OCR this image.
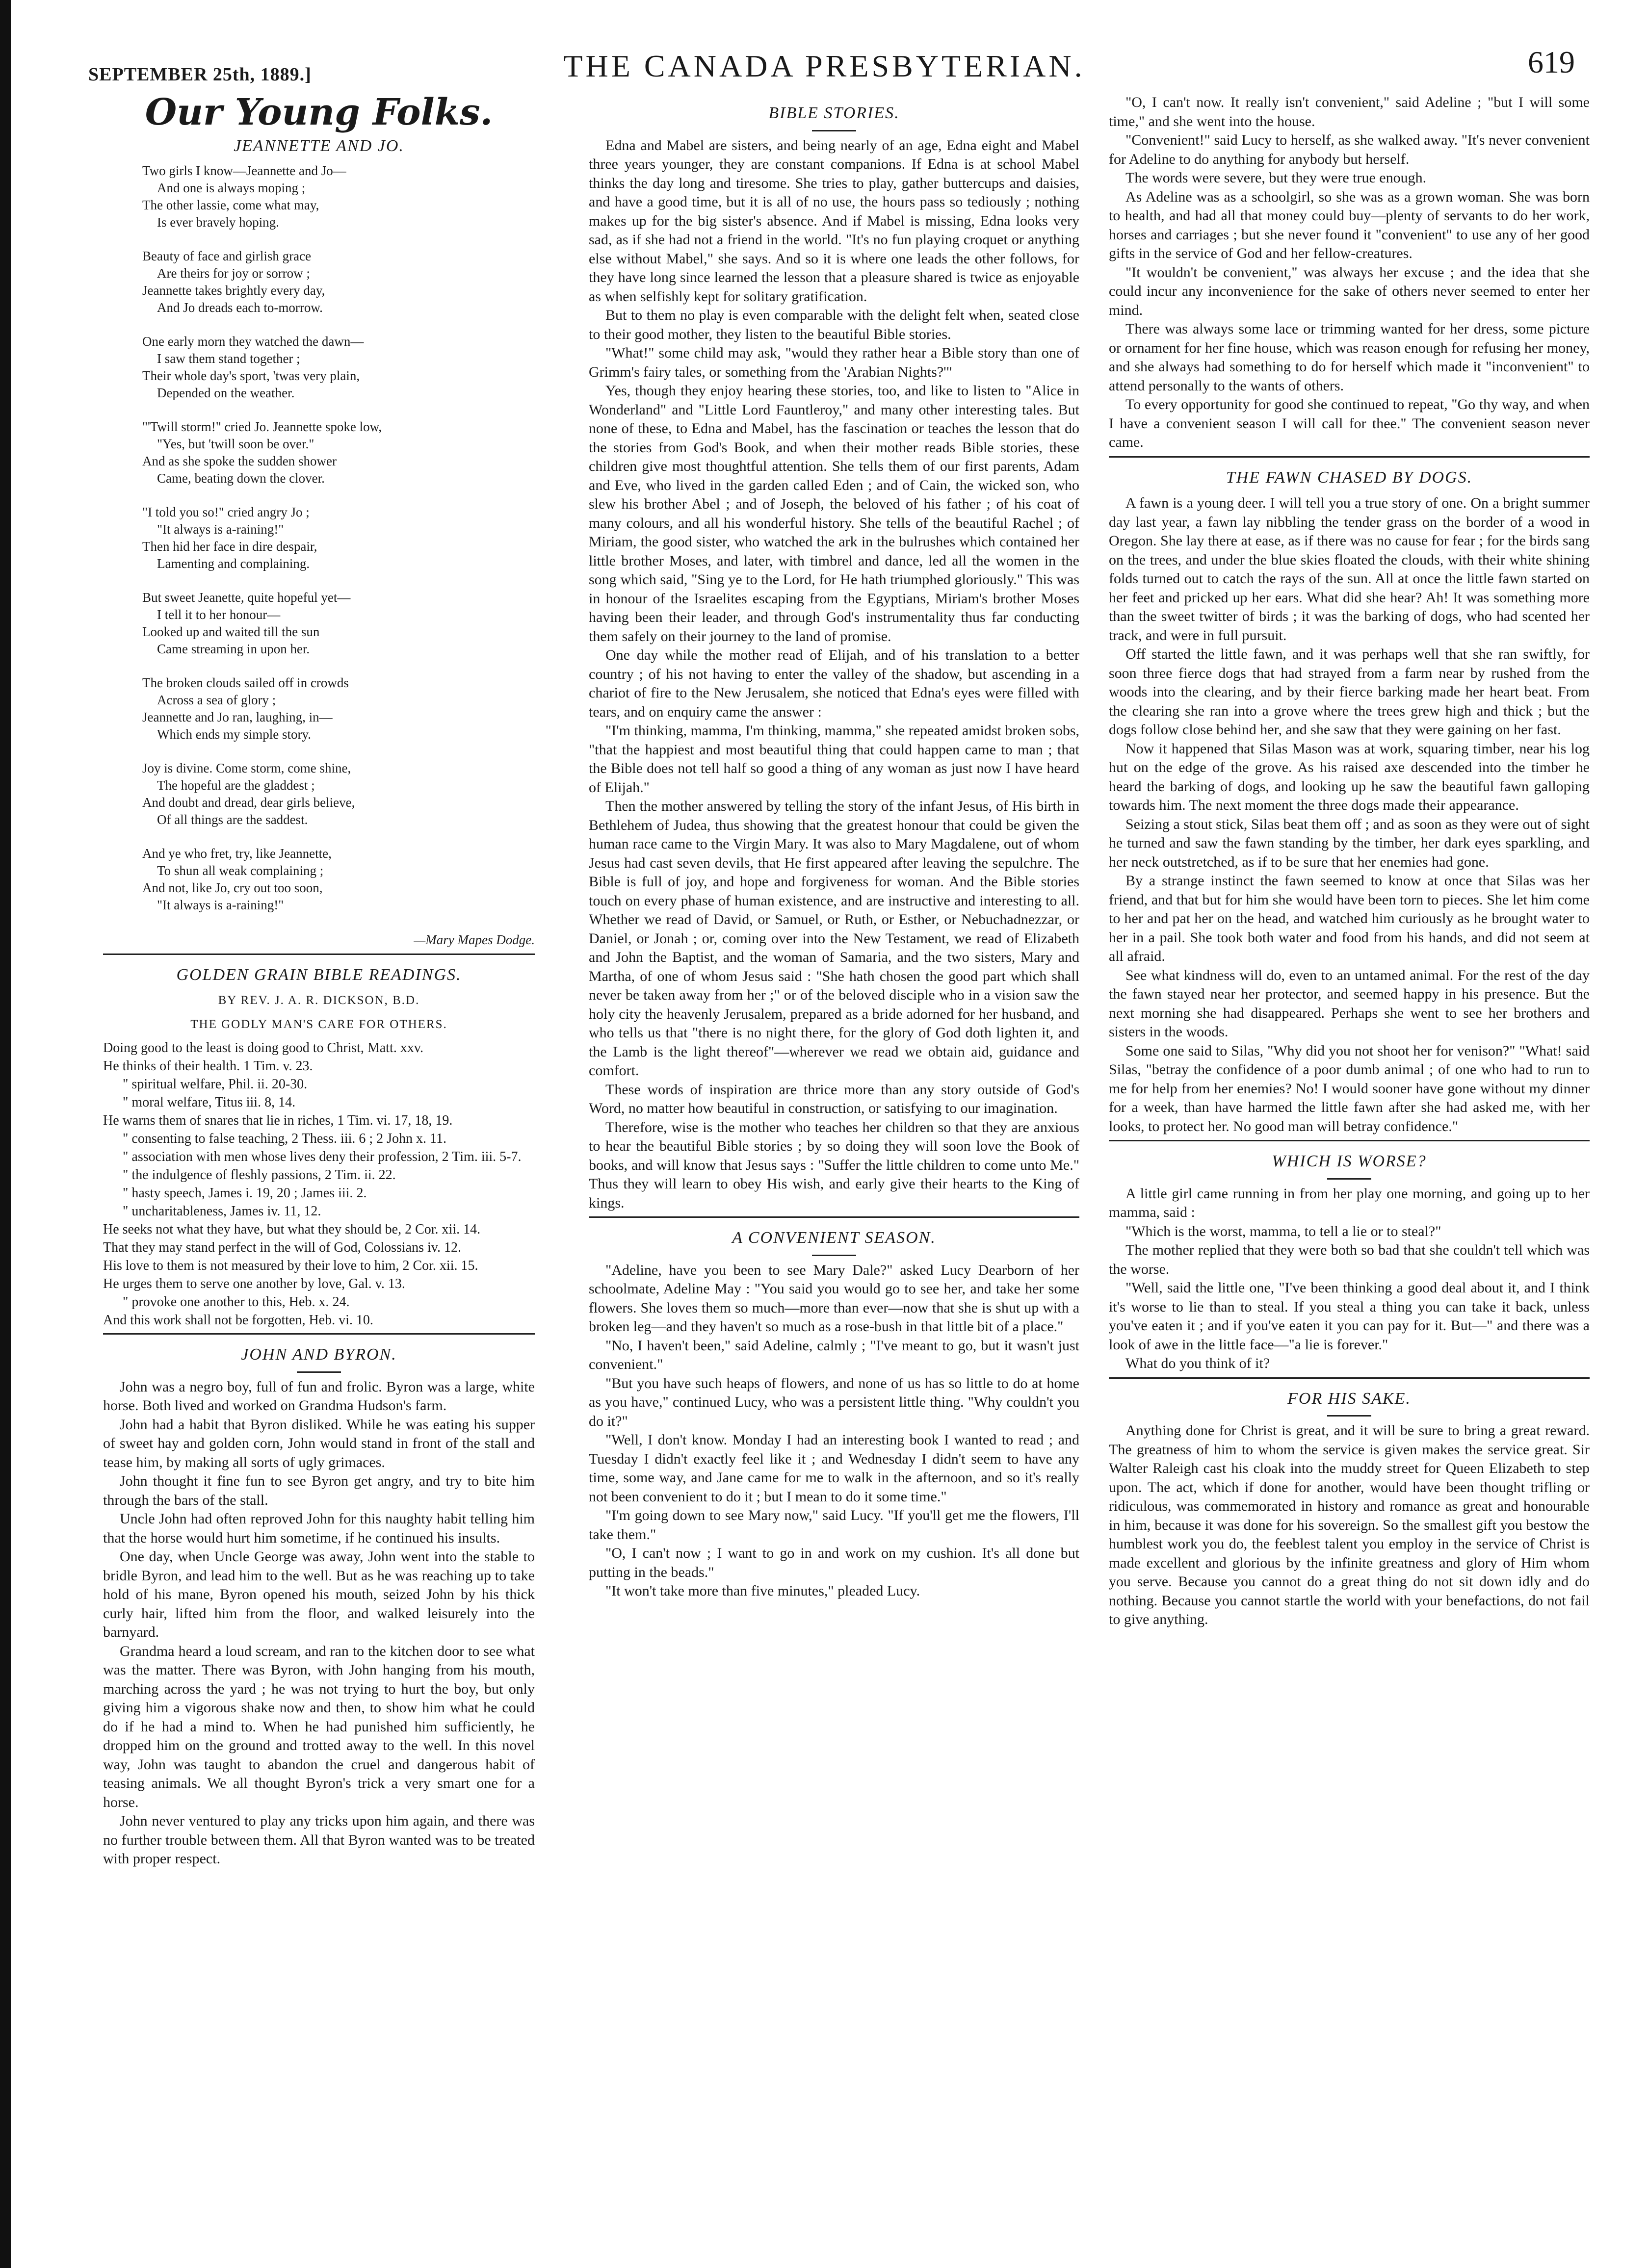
SEPTEMBER 25th, 1889.]	THE CANADA PRESBYTERIAN.	619
Our Young Folks.
JEANNETTE AND JO.
Two girls I know—Jeannette and Jo—
And one is always moping ;
The other lassie, come what may,
Is ever bravely hoping.
Beauty of face and girlish grace
Are theirs for joy or sorrow ;
Jeannette takes brightly every day,
And Jo dreads each to-morrow.
One early morn they watched the dawn—
I saw them stand together ;
Their whole day's sport, 'twas very plain,
Depended on the weather.
"'Twill storm!" cried Jo. Jeannette spoke low,
"Yes, but 'twill soon be over."
And as she spoke the sudden shower
Came, beating down the clover.
"I told you so!" cried angry Jo ;
"It always is a-raining!"
Then hid her face in dire despair,
Lamenting and complaining.
But sweet Jeanette, quite hopeful yet—
I tell it to her honour—
Looked up and waited till the sun
Came streaming in upon her.
The broken clouds sailed off in crowds
Across a sea of glory ;
Jeannette and Jo ran, laughing, in—
Which ends my simple story.
Joy is divine. Come storm, come shine,
The hopeful are the gladdest ;
And doubt and dread, dear girls believe,
Of all things are the saddest.
And ye who fret, try, like Jeannette,
To shun all weak complaining ;
And not, like Jo, cry out too soon,
"It always is a-raining!"
—Mary Mapes Dodge.
GOLDEN GRAIN BIBLE READINGS.
BY REV. J. A. R. DICKSON, B.D.
THE GODLY MAN'S CARE FOR OTHERS.

Doing good to the least is doing good to Christ, Matt. xxv.

He thinks of their health. 1 Tim. v. 23.

" spiritual welfare, Phil. ii. 20-30.

" moral welfare, Titus iii. 8, 14.

He warns them of snares that lie in riches, 1 Tim. vi. 17, 18, 19.

" consenting to false teaching, 2 Thess. iii. 6 ; 2 John x. 11.

" association with men whose lives deny their profession, 2 Tim. iii. 5-7.

" the indulgence of fleshly passions, 2 Tim. ii. 22.

" hasty speech, James i. 19, 20 ; James iii. 2.

" uncharitableness, James iv. 11, 12.

He seeks not what they have, but what they should be, 2 Cor. xii. 14.

That they may stand perfect in the will of God, Colossians iv. 12.

His love to them is not measured by their love to him, 2 Cor. xii. 15.

He urges them to serve one another by love, Gal. v. 13.

" provoke one another to this, Heb. x. 24.

And this work shall not be forgotten, Heb. vi. 10.

JOHN AND BYRON.

John was a negro boy, full of fun and frolic. Byron was a large, white horse. Both lived and worked on Grandma Hudson's farm.

John had a habit that Byron disliked. While he was eating his supper of sweet hay and golden corn, John would stand in front of the stall and tease him, by making all sorts of ugly grimaces.

John thought it fine fun to see Byron get angry, and try to bite him through the bars of the stall.

Uncle John had often reproved John for this naughty habit telling him that the horse would hurt him sometime, if he continued his insults.

One day, when Uncle George was away, John went into the stable to bridle Byron, and lead him to the well. But as he was reaching up to take hold of his mane, Byron opened his mouth, seized John by his thick curly hair, lifted him from the floor, and walked leisurely into the barnyard.

Grandma heard a loud scream, and ran to the kitchen door to see what was the matter. There was Byron, with John hanging from his mouth, marching across the yard ; he was not trying to hurt the boy, but only giving him a vigorous shake now and then, to show him what he could do if he had a mind to. When he had punished him sufficiently, he dropped him on the ground and trotted away to the well. In this novel way, John was taught to abandon the cruel and dangerous habit of teasing animals. We all thought Byron's trick a very smart one for a horse.

John never ventured to play any tricks upon him again, and there was no further trouble between them. All that Byron wanted was to be treated with proper respect.

BIBLE STORIES.

Edna and Mabel are sisters, and being nearly of an age, Edna eight and Mabel three years younger, they are constant companions. If Edna is at school Mabel thinks the day long and tiresome. She tries to play, gather buttercups and daisies, and have a good time, but it is all of no use, the hours pass so tediously ; nothing makes up for the big sister's absence. And if Mabel is missing, Edna looks very sad, as if she had not a friend in the world. "It's no fun playing croquet or anything else without Mabel," she says. And so it is where one leads the other follows, for they have long since learned the lesson that a pleasure shared is twice as enjoyable as when selfishly kept for solitary gratification.

But to them no play is even comparable with the delight felt when, seated close to their good mother, they listen to the beautiful Bible stories.

"What!" some child may ask, "would they rather hear a Bible story than one of Grimm's fairy tales, or something from the 'Arabian Nights?'"

Yes, though they enjoy hearing these stories, too, and like to listen to "Alice in Wonderland" and "Little Lord Fauntleroy," and many other interesting tales. But none of these, to Edna and Mabel, has the fascination or teaches the lesson that do the stories from God's Book, and when their mother reads Bible stories, these children give most thoughtful attention. She tells them of our first parents, Adam and Eve, who lived in the garden called Eden ; and of Cain, the wicked son, who slew his brother Abel ; and of Joseph, the beloved of his father ; of his coat of many colours, and all his wonderful history. She tells of the beautiful Rachel ; of Miriam, the good sister, who watched the ark in the bulrushes which contained her little brother Moses, and later, with timbrel and dance, led all the women in the song which said, "Sing ye to the Lord, for He hath triumphed gloriously." This was in honour of the Israelites escaping from the Egyptians, Miriam's brother Moses having been their leader, and through God's instrumentality thus far conducting them safely on their journey to the land of promise.

One day while the mother read of Elijah, and of his translation to a better country ; of his not having to enter the valley of the shadow, but ascending in a chariot of fire to the New Jerusalem, she noticed that Edna's eyes were filled with tears, and on enquiry came the answer :

"I'm thinking, mamma, I'm thinking, mamma," she repeated amidst broken sobs, "that the happiest and most beautiful thing that could happen came to man ; that the Bible does not tell half so good a thing of any woman as just now I have heard of Elijah."

Then the mother answered by telling the story of the infant Jesus, of His birth in Bethlehem of Judea, thus showing that the greatest honour that could be given the human race came to the Virgin Mary. It was also to Mary Magdalene, out of whom Jesus had cast seven devils, that He first appeared after leaving the sepulchre. The Bible is full of joy, and hope and forgiveness for woman. And the Bible stories touch on every phase of human existence, and are instructive and interesting to all. Whether we read of David, or Samuel, or Ruth, or Esther, or Nebuchadnezzar, or Daniel, or Jonah ; or, coming over into the New Testament, we read of Elizabeth and John the Baptist, and the woman of Samaria, and the two sisters, Mary and Martha, of one of whom Jesus said : "She hath chosen the good part which shall never be taken away from her ;" or of the beloved disciple who in a vision saw the holy city the heavenly Jerusalem, prepared as a bride adorned for her husband, and who tells us that "there is no night there, for the glory of God doth lighten it, and the Lamb is the light thereof"—wherever we read we obtain aid, guidance and comfort.

These words of inspiration are thrice more than any story outside of God's Word, no matter how beautiful in construction, or satisfying to our imagination.

Therefore, wise is the mother who teaches her children so that they are anxious to hear the beautiful Bible stories ; by so doing they will soon love the Book of books, and will know that Jesus says : "Suffer the little children to come unto Me." Thus they will learn to obey His wish, and early give their hearts to the King of kings.

A CONVENIENT SEASON.

"Adeline, have you been to see Mary Dale?" asked Lucy Dearborn of her schoolmate, Adeline May : "You said you would go to see her, and take her some flowers. She loves them so much—more than ever—now that she is shut up with a broken leg—and they haven't so much as a rose-bush in that little bit of a place."

"No, I haven't been," said Adeline, calmly ; "I've meant to go, but it wasn't just convenient."

"But you have such heaps of flowers, and none of us has so little to do at home as you have," continued Lucy, who was a persistent little thing. "Why couldn't you do it?"

"Well, I don't know. Monday I had an interesting book I wanted to read ; and Tuesday I didn't exactly feel like it ; and Wednesday I didn't seem to have any time, some way, and Jane came for me to walk in the afternoon, and so it's really not been convenient to do it ; but I mean to do it some time."

"I'm going down to see Mary now," said Lucy. "If you'll get me the flowers, I'll take them."

"O, I can't now ; I want to go in and work on my cushion. It's all done but putting in the beads."

"It won't take more than five minutes," pleaded Lucy.

"O, I can't now. It really isn't convenient," said Adeline ; "but I will some time," and she went into the house.

"Convenient!" said Lucy to herself, as she walked away. "It's never convenient for Adeline to do anything for anybody but herself.

The words were severe, but they were true enough.

As Adeline was as a schoolgirl, so she was as a grown woman. She was born to health, and had all that money could buy—plenty of servants to do her work, horses and carriages ; but she never found it "convenient" to use any of her good gifts in the service of God and her fellow-creatures.

"It wouldn't be convenient," was always her excuse ; and the idea that she could incur any inconvenience for the sake of others never seemed to enter her mind.

There was always some lace or trimming wanted for her dress, some picture or ornament for her fine house, which was reason enough for refusing her money, and she always had something to do for herself which made it "inconvenient" to attend personally to the wants of others.

To every opportunity for good she continued to repeat, "Go thy way, and when I have a convenient season I will call for thee." The convenient season never came.

THE FAWN CHASED BY DOGS.

A fawn is a young deer. I will tell you a true story of one. On a bright summer day last year, a fawn lay nibbling the tender grass on the border of a wood in Oregon. She lay there at ease, as if there was no cause for fear ; for the birds sang on the trees, and under the blue skies floated the clouds, with their white shining folds turned out to catch the rays of the sun. All at once the little fawn started on her feet and pricked up her ears. What did she hear? Ah! It was something more than the sweet twitter of birds ; it was the barking of dogs, who had scented her track, and were in full pursuit.

Off started the little fawn, and it was perhaps well that she ran swiftly, for soon three fierce dogs that had strayed from a farm near by rushed from the woods into the clearing, and by their fierce barking made her heart beat. From the clearing she ran into a grove where the trees grew high and thick ; but the dogs follow close behind her, and she saw that they were gaining on her fast.

Now it happened that Silas Mason was at work, squaring timber, near his log hut on the edge of the grove. As his raised axe descended into the timber he heard the barking of dogs, and looking up he saw the beautiful fawn galloping towards him. The next moment the three dogs made their appearance.

Seizing a stout stick, Silas beat them off ; and as soon as they were out of sight he turned and saw the fawn standing by the timber, her dark eyes sparkling, and her neck outstretched, as if to be sure that her enemies had gone.

By a strange instinct the fawn seemed to know at once that Silas was her friend, and that but for him she would have been torn to pieces. She let him come to her and pat her on the head, and watched him curiously as he brought water to her in a pail. She took both water and food from his hands, and did not seem at all afraid.

See what kindness will do, even to an untamed animal. For the rest of the day the fawn stayed near her protector, and seemed happy in his presence. But the next morning she had disappeared. Perhaps she went to see her brothers and sisters in the woods.

Some one said to Silas, "Why did you not shoot her for venison?" "What! said Silas, "betray the confidence of a poor dumb animal ; of one who had to run to me for help from her enemies? No! I would sooner have gone without my dinner for a week, than have harmed the little fawn after she had asked me, with her looks, to protect her. No good man will betray confidence."

WHICH IS WORSE?

A little girl came running in from her play one morning, and going up to her mamma, said :

"Which is the worst, mamma, to tell a lie or to steal?"

The mother replied that they were both so bad that she couldn't tell which was the worse.

"Well, said the little one, "I've been thinking a good deal about it, and I think it's worse to lie than to steal. If you steal a thing you can take it back, unless you've eaten it ; and if you've eaten it you can pay for it. But—" and there was a look of awe in the little face—"a lie is forever."

What do you think of it?

FOR HIS SAKE.

Anything done for Christ is great, and it will be sure to bring a great reward. The greatness of him to whom the service is given makes the service great. Sir Walter Raleigh cast his cloak into the muddy street for Queen Elizabeth to step upon. The act, which if done for another, would have been thought trifling or ridiculous, was commemorated in history and romance as great and honourable in him, because it was done for his sovereign. So the smallest gift you bestow the humblest work you do, the feeblest talent you employ in the service of Christ is made excellent and glorious by the infinite greatness and glory of Him whom you serve. Because you cannot do a great thing do not sit down idly and do nothing. Because you cannot startle the world with your benefactions, do not fail to give anything.
